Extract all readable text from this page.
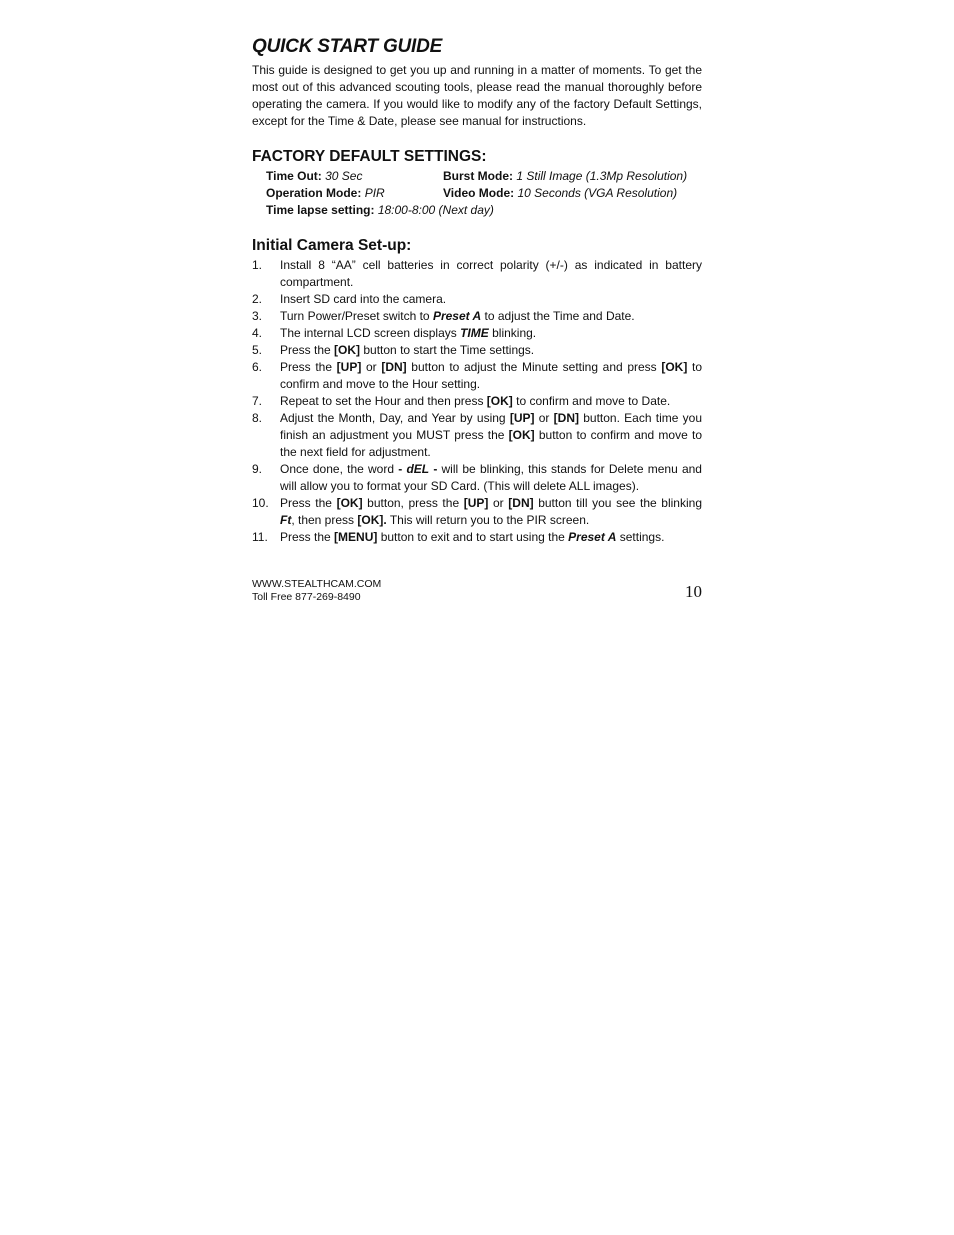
QUICK START GUIDE

This guide is designed to get you up and running in a matter of moments. To get the most out of this advanced scouting tools, please read the manual thoroughly before operating the camera. If you would like to modify any of the factory Default Settings, except for the Time & Date, please see manual for instructions.

FACTORY DEFAULT SETTINGS:
Time Out: 30 Sec	Burst Mode: 1 Still Image (1.3Mp Resolution)
Operation Mode: PIR	Video Mode: 10 Seconds (VGA Resolution)
Time lapse setting: 18:00-8:00 (Next day)
Initial Camera Set-up:
1.	Install 8 “AA” cell batteries in correct polarity (+/-) as indicated in battery compartment.
2.	Insert SD card into the camera.
3.	Turn Power/Preset switch to Preset A to adjust the Time and Date.
4.	The internal LCD screen displays TIME blinking.
5.	Press the [OK] button to start the Time settings.
6.	Press the [UP] or [DN] button to adjust the Minute setting and press [OK] to confirm and move to the Hour setting.
7.	Repeat to set the Hour and then press [OK] to confirm and move to Date.
8.	Adjust the Month, Day, and Year by using [UP] or [DN] button. Each time you finish an adjustment you MUST press the [OK] button to confirm and move to the next field for adjustment.
9.	Once done, the word - dEL - will be blinking, this stands for Delete menu and will allow you to format your SD Card. (This will delete ALL images).
10. Press the [OK] button, press the [UP] or [DN] button till you see the blinking Ft, then press [OK]. This will return you to the PIR screen.
11.	Press the [MENU] button to exit and to start using the Preset A settings.
WWW.STEALTHCAM.COM
Toll Free 877-269-8490	10
